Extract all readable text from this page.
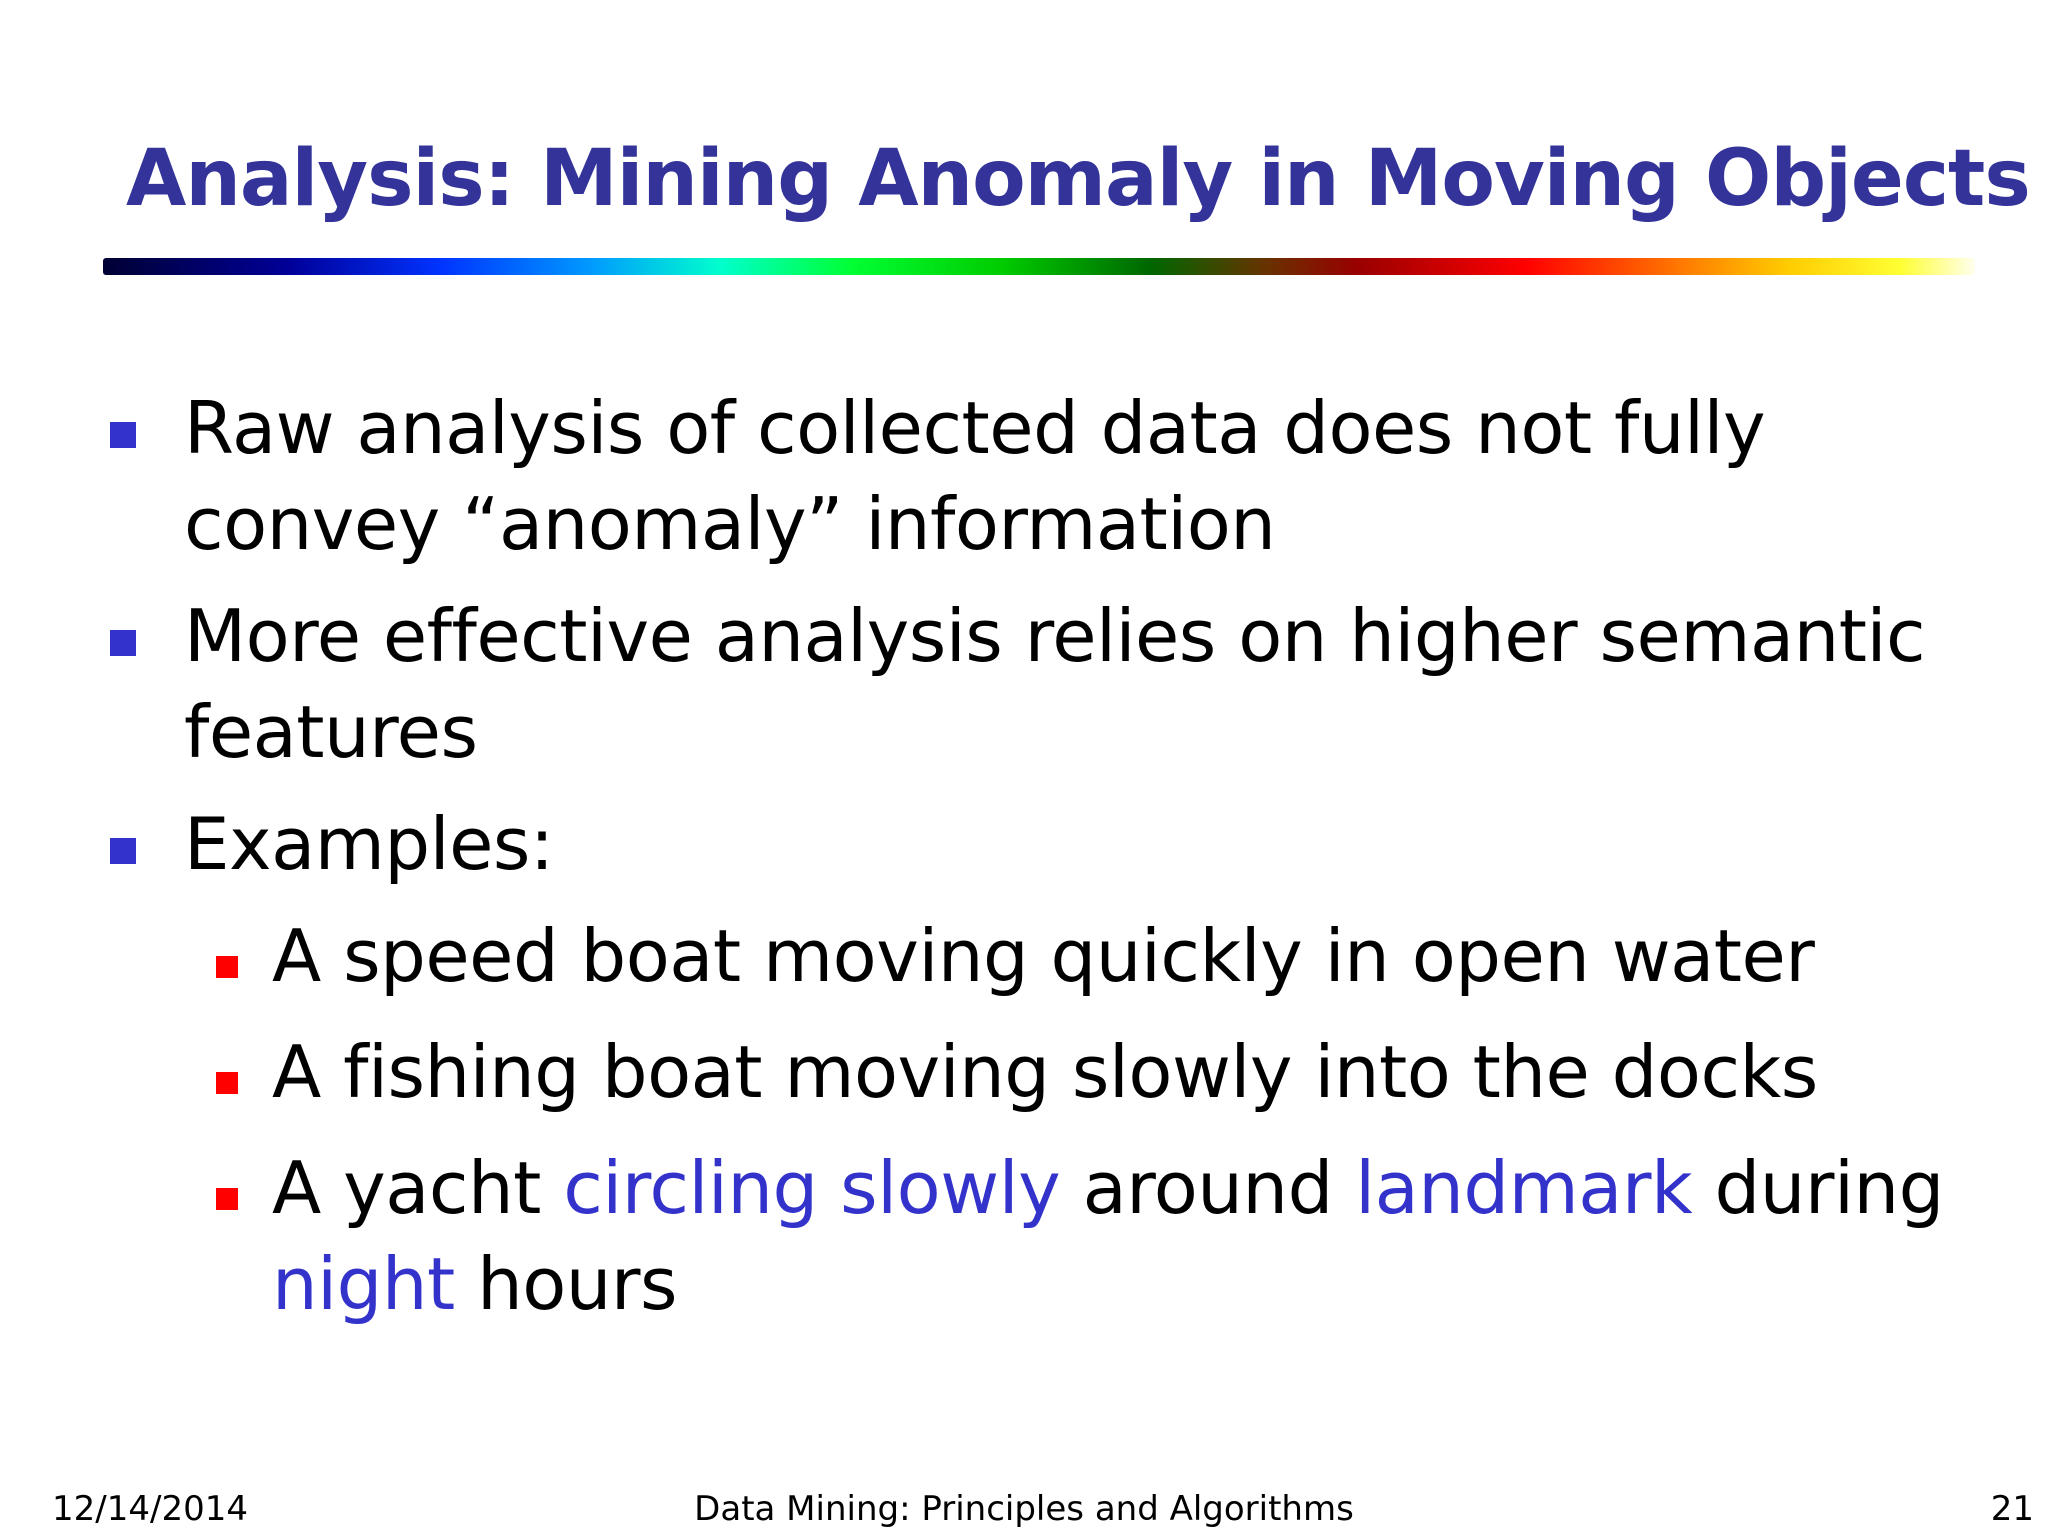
Analysis: Mining Anomaly in Moving Objects
Raw analysis of collected data does not fully convey “anomaly” information
More effective analysis relies on higher semantic features
Examples:
A speed boat moving quickly in open water
A fishing boat moving slowly into the docks
A yacht circling slowly around landmark during night hours
12/14/2014	Data Mining: Principles and Algorithms	21
